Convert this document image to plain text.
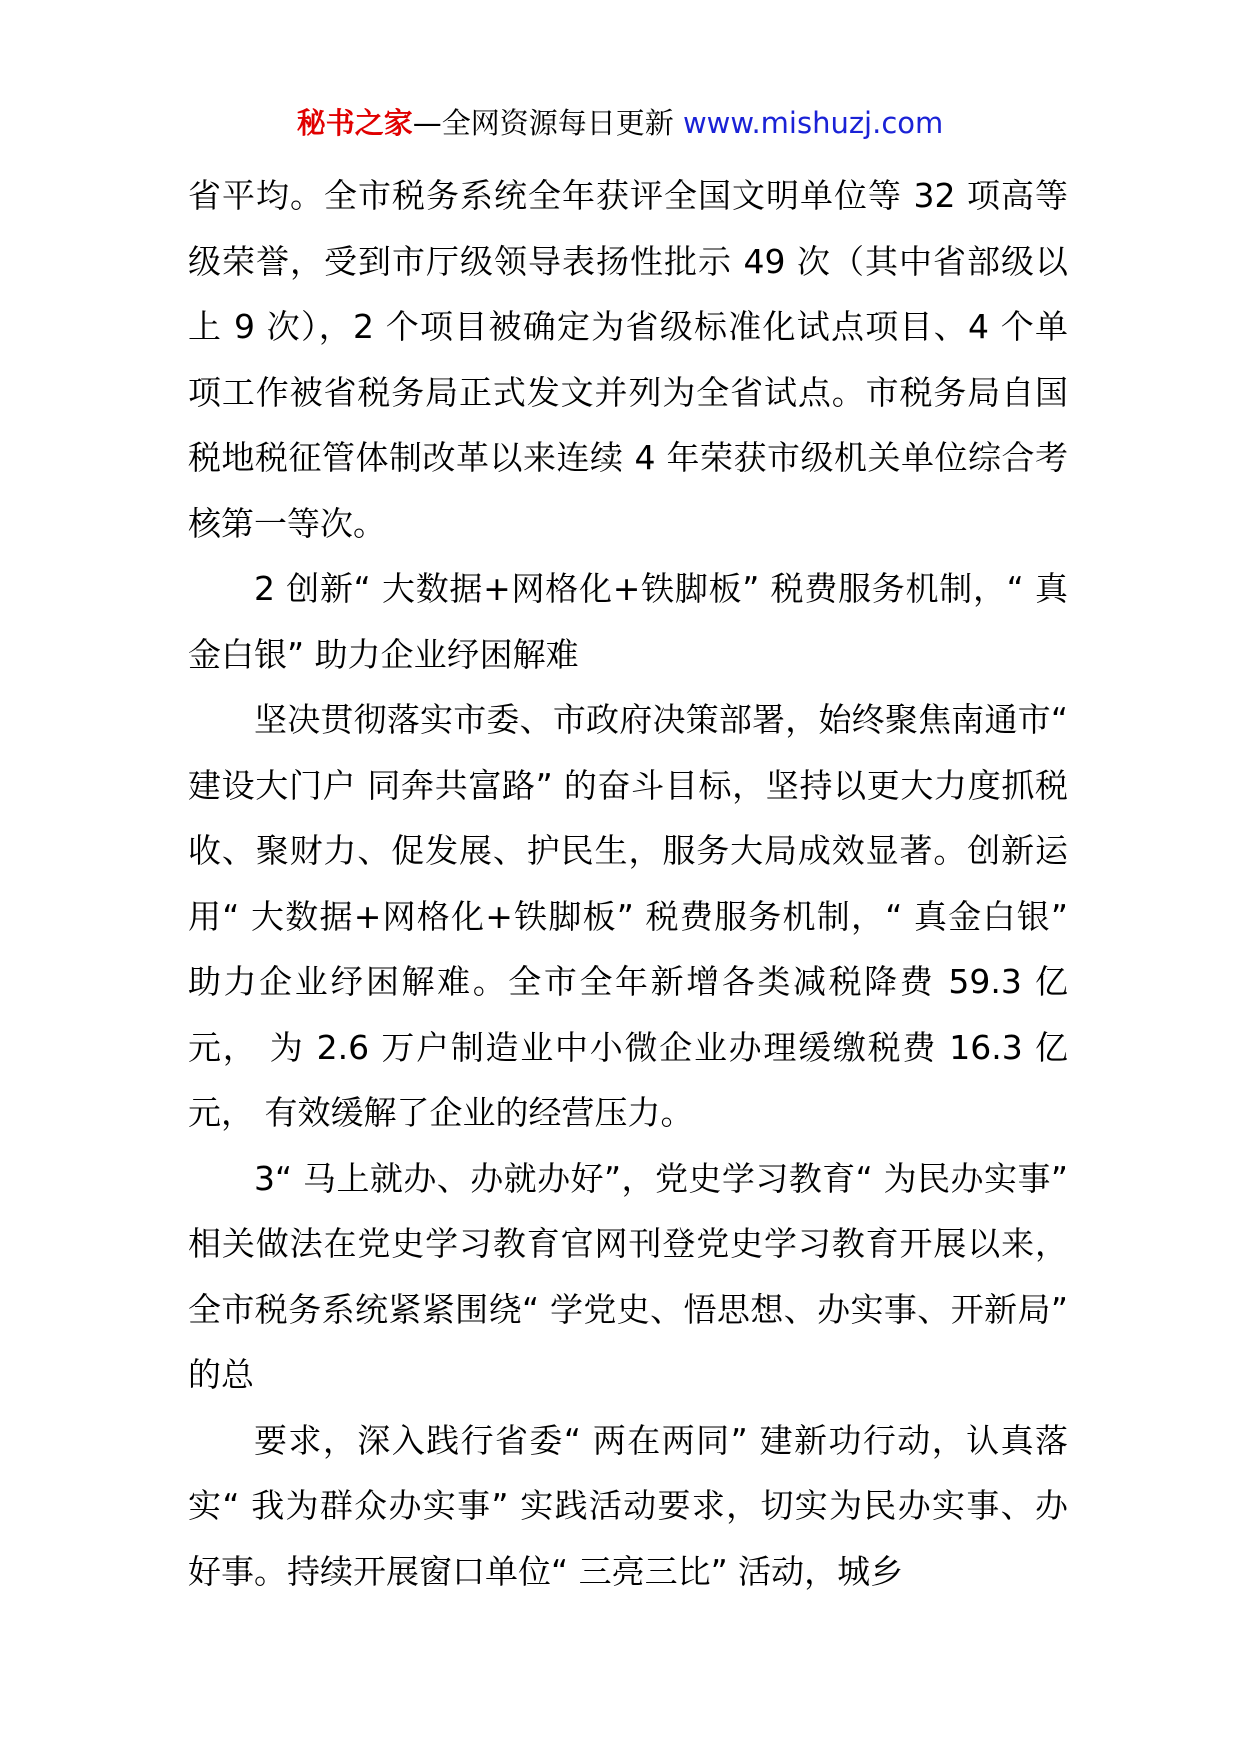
秘书之家—全网资源每日更新 www.mishuzj.com

省平均。全市税务系统全年获评全国文明单位等 32 项高等级荣誉，受到市厅级领导表扬性批示 49 次（其中省部级以上 9 次），2 个项目被确定为省级标准化试点项目、4 个单项工作被省税务局正式发文并列为全省试点。市税务局自国税地税征管体制改革以来连续 4 年荣获市级机关单位综合考核第一等次。

2 创新“ 大数据+网格化+铁脚板” 税费服务机制，“ 真金白银” 助力企业纾困解难

坚决贯彻落实市委、市政府决策部署，始终聚焦南通市“ 建设大门户 同奔共富路” 的奋斗目标，坚持以更大力度抓税收、聚财力、促发展、护民生，服务大局成效显著。创新运用“ 大数据+网格化+铁脚板” 税费服务机制，“ 真金白银” 助力企业纾困解难。全市全年新增各类减税降费 59.3 亿元， 为 2.6 万户制造业中小微企业办理缓缴税费 16.3 亿元， 有效缓解了企业的经营压力。

3“ 马上就办、办就办好”，党史学习教育“ 为民办实事” 相关做法在党史学习教育官网刊登党史学习教育开展以来，全市税务系统紧紧围绕“ 学党史、悟思想、办实事、开新局” 的总

要求，深入践行省委“ 两在两同” 建新功行动，认真落实“ 我为群众办实事” 实践活动要求，切实为民办实事、办好事。持续开展窗口单位“ 三亮三比” 活动，城乡
